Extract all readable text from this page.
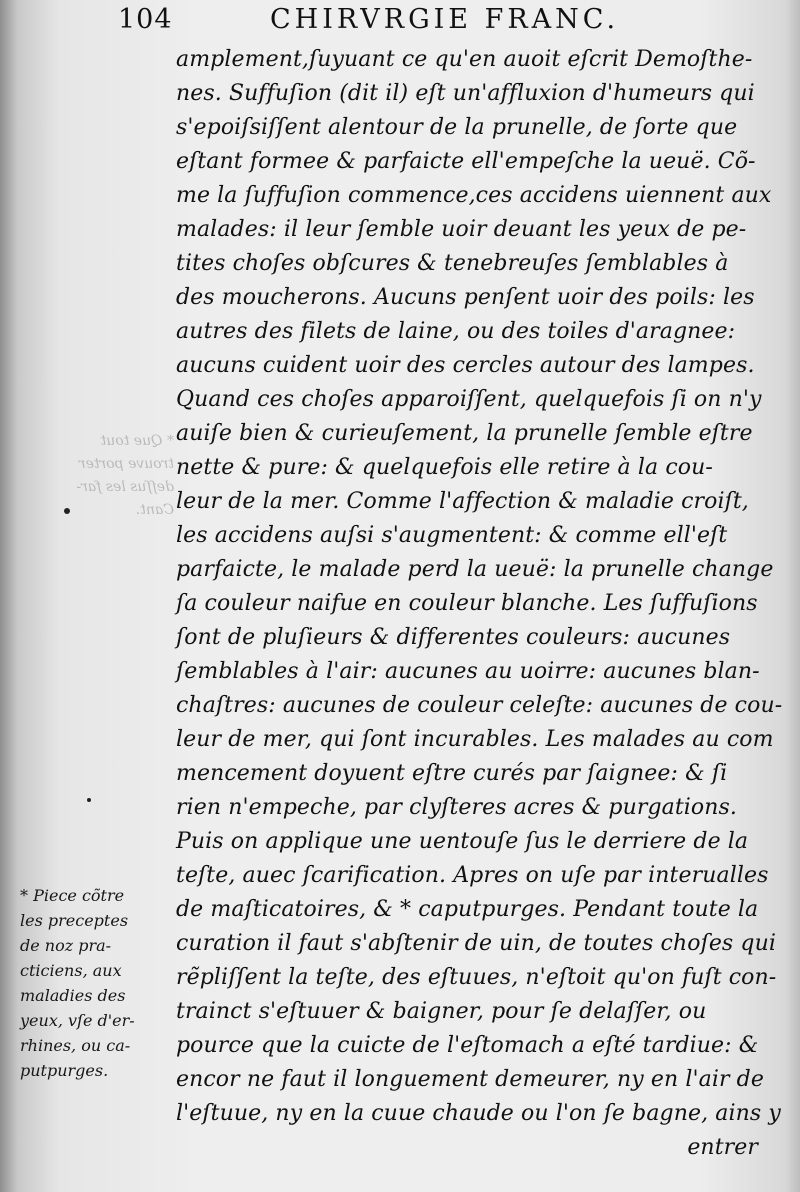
104	CHIRVRGIE FRANC.
* Que tout
trouve porter
deſſus les far-
Cant.
amplement,ſuyuant ce qu'en auoit eſcrit Demoſthe-
nes. Suffuſion (dit il) eſt un'affluxion d'humeurs qui
s'epoiſsiſſent alentour de la prunelle, de ſorte que
eſtant formee & parfaicte ell'empeſche la ueuë. Cõ-
me la ſuffuſion commence,ces accidens uiennent aux
malades: il leur ſemble uoir deuant les yeux de pe-
tites choſes obſcures & tenebreuſes ſemblables à
des moucherons. Aucuns penſent uoir des poils: les
autres des filets de laine, ou des toiles d'aragnee:
aucuns cuident uoir des cercles autour des lampes.
Quand ces choſes apparoiſſent, quelquefois ſi on n'y
auiſe bien & curieuſement, la prunelle ſemble eſtre
nette & pure: & quelquefois elle retire à la cou-
leur de la mer. Comme l'affection & maladie croiſt,
les accidens auſsi s'augmentent: & comme ell'eſt
parfaicte, le malade perd la ueuë: la prunelle change
ſa couleur naifue en couleur blanche. Les ſuffuſions
ſont de pluſieurs & differentes couleurs: aucunes
ſemblables à l'air: aucunes au uoirre: aucunes blan-
chaſtres: aucunes de couleur celeſte: aucunes de cou-
leur de mer, qui ſont incurables. Les malades au com
mencement doyuent eſtre curés par ſaignee: & ſi
rien n'empeche, par clyſteres acres & purgations.
Puis on applique une uentouſe ſus le derriere de la
teſte, auec ſcarification. Apres on uſe par interualles
de maſticatoires, & * caputpurges. Pendant toute la
curation il faut s'abſtenir de uin, de toutes choſes qui
rẽpliſſent la teſte, des eſtuues, n'eſtoit qu'on fuſt con-
trainct s'eſtuuer & baigner, pour ſe delaſſer, ou
pource que la cuicte de l'eſtomach a eſté tardiue: &
encor ne faut il longuement demeurer, ny en l'air de
l'eſtuue, ny en la cuue chaude ou l'on ſe bagne, ains y
entrer
* Piece cõtre
les preceptes
de noz pra-
cticiens, aux
maladies des
yeux, vſe d'er-
rhines, ou ca-
putpurges.
